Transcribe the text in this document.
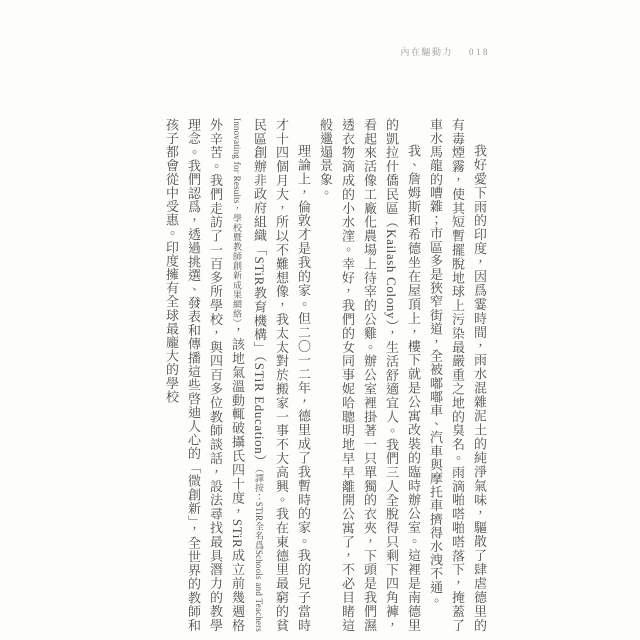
內在驅動力 018

我好愛下雨的印度，因爲霎時間，雨水混雜泥土的純淨氣味，驅散了肆虐德里的有毒煙霧，使其短暫擺脫地球上污染最嚴重之地的臭名。雨滴啪嗒啪嗒落下，掩蓋了車水馬龍的嘈雜；市區多是狹窄街道，全被嘟嘟車、汽車與摩托車擠得水洩不通。

我、詹姆斯和希德坐在屋頂上，樓下就是公寓改裝的臨時辦公室。這裡是南德里的凱拉什僑民區（Kailash Colony），生活舒適宜人。我們三人全脫得只剩下四角褲，看起來活像工廠化農場上待宰的公雞。辦公室裡掛著一只單獨的衣夾，下頭是我們濕透衣物滴成的小水漥。幸好，我們的女同事妮哈聰明地早早離開公寓了，不必目睹這般邋遢景象。

理論上，倫敦才是我的家。但二〇一二年，德里成了我暫時的家。我的兒子當時才十四個月大，所以不難想像，我太太對於搬家一事不大高興。我在東德里最窮的貧民區創辦非政府組織「STiR教育機構」（STiR Education）（譯按：STiR全名爲Schools and Teachers Innovating for Results，學校暨教師創新成果網絡），該地氣溫動輒破攝氏四十度，STiR成立前幾週格外辛苦。我們走訪了一百多所學校，與四百多位教師談話，設法尋找最具潛力的教學理念。我們認爲，透過挑選、發表和傳播這些啓迪人心的「微創新」，全世界的教師和孩子都會從中受惠。印度擁有全球最龐大的學校
